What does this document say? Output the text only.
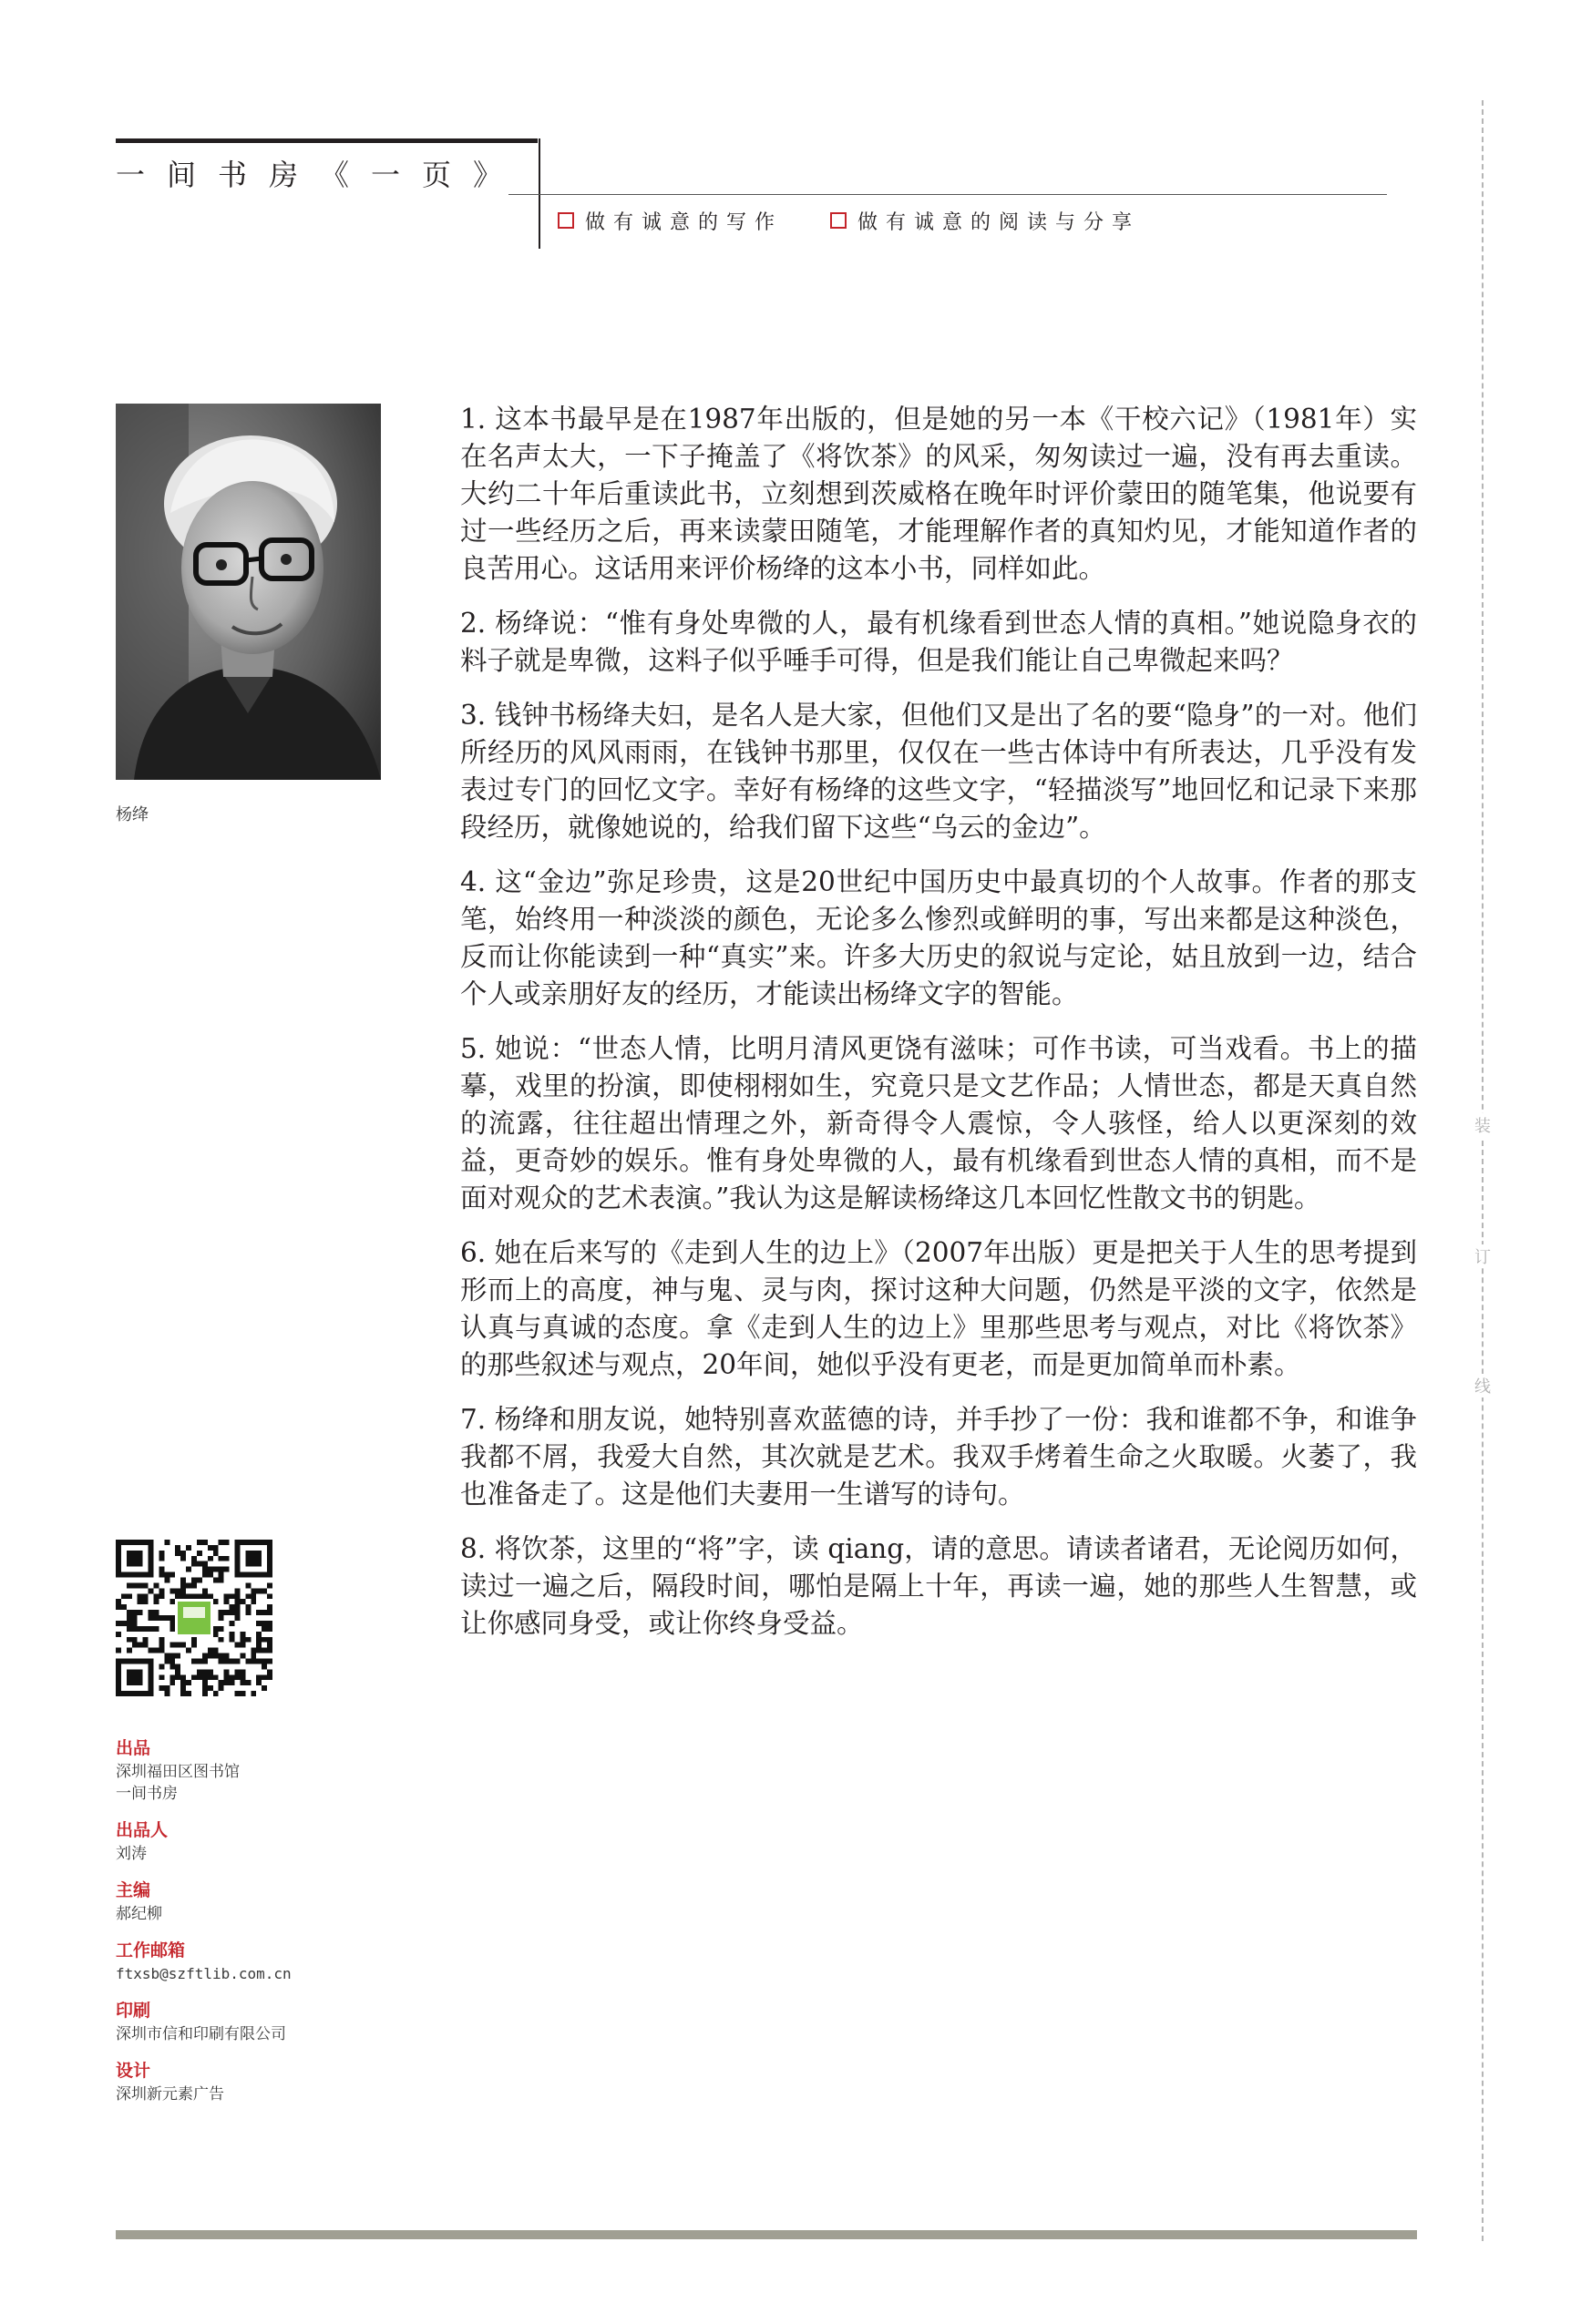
一间书房《一页》
做有诚意的写作	做有诚意的阅读与分享
装
订
线
杨绛
出品
深圳福田区图书馆
一间书房
出品人
刘涛
主编
郝纪柳
工作邮箱
ftxsb@szftlib.com.cn
印刷
深圳市信和印刷有限公司
设计
深圳新元素广告

1. 这本书最早是在1987年出版的，但是她的另一本《干校六记》（1981年）实在名声太大，一下子掩盖了《将饮茶》的风采，匆匆读过一遍，没有再去重读。大约二十年后重读此书，立刻想到茨威格在晚年时评价蒙田的随笔集，他说要有过一些经历之后，再来读蒙田随笔，才能理解作者的真知灼见，才能知道作者的良苦用心。这话用来评价杨绛的这本小书，同样如此。

2. 杨绛说：“惟有身处卑微的人，最有机缘看到世态人情的真相。”她说隐身衣的料子就是卑微，这料子似乎唾手可得，但是我们能让自己卑微起来吗？

3. 钱钟书杨绛夫妇，是名人是大家，但他们又是出了名的要“隐身”的一对。他们所经历的风风雨雨，在钱钟书那里，仅仅在一些古体诗中有所表达，几乎没有发表过专门的回忆文字。幸好有杨绛的这些文字，“轻描淡写”地回忆和记录下来那段经历，就像她说的，给我们留下这些“乌云的金边”。

4. 这“金边”弥足珍贵，这是20世纪中国历史中最真切的个人故事。作者的那支笔，始终用一种淡淡的颜色，无论多么惨烈或鲜明的事，写出来都是这种淡色，反而让你能读到一种“真实”来。许多大历史的叙说与定论，姑且放到一边，结合个人或亲朋好友的经历，才能读出杨绛文字的智能。

5. 她说：“世态人情，比明月清风更饶有滋味；可作书读，可当戏看。书上的描摹，戏里的扮演，即使栩栩如生，究竟只是文艺作品；人情世态，都是天真自然的流露，往往超出情理之外，新奇得令人震惊，令人骇怪，给人以更深刻的效益，更奇妙的娱乐。惟有身处卑微的人，最有机缘看到世态人情的真相，而不是面对观众的艺术表演。”我认为这是解读杨绛这几本回忆性散文书的钥匙。

6. 她在后来写的《走到人生的边上》（2007年出版）更是把关于人生的思考提到形而上的高度，神与鬼、灵与肉，探讨这种大问题，仍然是平淡的文字，依然是认真与真诚的态度。拿《走到人生的边上》里那些思考与观点，对比《将饮茶》的那些叙述与观点，20年间，她似乎没有更老，而是更加简单而朴素。

7. 杨绛和朋友说，她特别喜欢蓝德的诗，并手抄了一份：我和谁都不争，和谁争我都不屑，我爱大自然，其次就是艺术。我双手烤着生命之火取暖。火萎了，我也准备走了。这是他们夫妻用一生谱写的诗句。

8. 将饮茶，这里的“将”字，读 qiang，请的意思。请读者诸君，无论阅历如何，读过一遍之后，隔段时间，哪怕是隔上十年，再读一遍，她的那些人生智慧，或让你感同身受，或让你终身受益。
